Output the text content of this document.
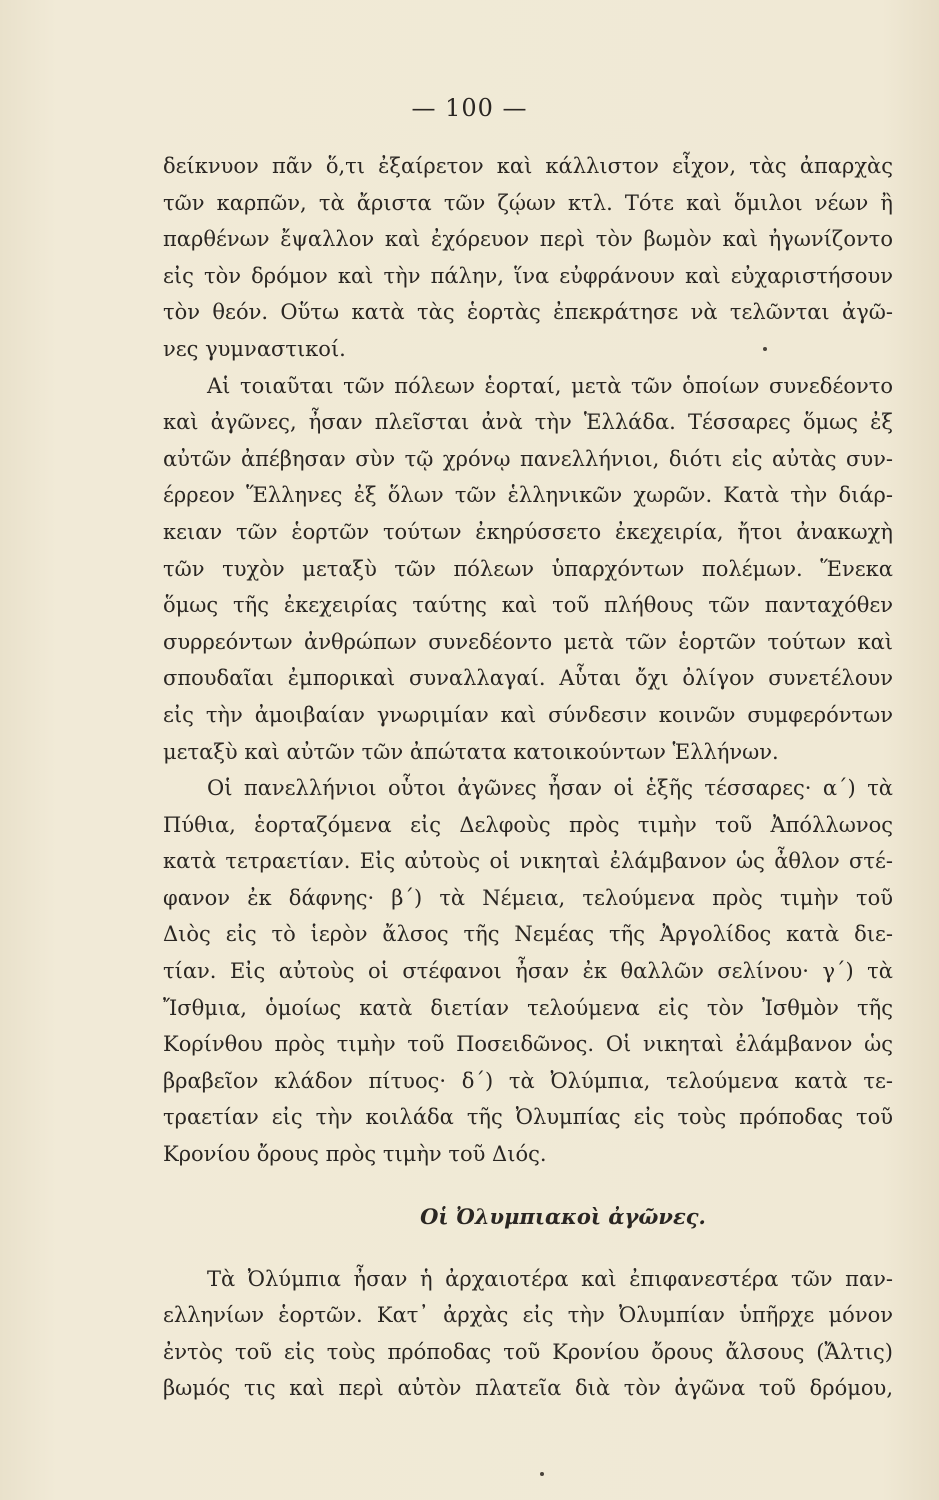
— 100 —
δείκνυον πᾶν ὅ,τι ἐξαίρετον καὶ κάλλιστον εἶχον, τὰς ἀπαρχὰς
τῶν καρπῶν, τὰ ἄριστα τῶν ζῴων κτλ. Τότε καὶ ὅμιλοι νέων ἢ
παρθένων ἔψαλλον καὶ ἐχόρευον περὶ τὸν βωμὸν καὶ ἠγωνίζοντο
εἰς τὸν δρόμον καὶ τὴν πάλην, ἵνα εὐφράνουν καὶ εὐχαριστήσουν
τὸν θεόν. Οὕτω κατὰ τὰς ἑορτὰς ἐπεκράτησε νὰ τελῶνται ἀγῶ-
νες γυμναστικοί.
Αἱ τοιαῦται τῶν πόλεων ἑορταί, μετὰ τῶν ὁποίων συνεδέοντο
καὶ ἀγῶνες, ἦσαν πλεῖσται ἀνὰ τὴν Ἑλλάδα. Τέσσαρες ὅμως ἐξ
αὐτῶν ἀπέβησαν σὺν τῷ χρόνῳ πανελλήνιοι, διότι εἰς αὐτὰς συν-
έρρεον Ἕλληνες ἐξ ὅλων τῶν ἑλληνικῶν χωρῶν. Κατὰ τὴν διάρ-
κειαν τῶν ἑορτῶν τούτων ἐκηρύσσετο ἐκεχειρία, ἤτοι ἀνακωχὴ
τῶν τυχὸν μεταξὺ τῶν πόλεων ὑπαρχόντων πολέμων. Ἕνεκα
ὅμως τῆς ἐκεχειρίας ταύτης καὶ τοῦ πλήθους τῶν πανταχόθεν
συρρεόντων ἀνθρώπων συνεδέοντο μετὰ τῶν ἑορτῶν τούτων καὶ
σπουδαῖαι ἐμπορικαὶ συναλλαγαί. Αὗται ὄχι ὀλίγον συνετέλουν
εἰς τὴν ἀμοιβαίαν γνωριμίαν καὶ σύνδεσιν κοινῶν συμφερόντων
μεταξὺ καὶ αὐτῶν τῶν ἀπώτατα κατοικούντων Ἑλλήνων.
Οἱ πανελλήνιοι οὗτοι ἀγῶνες ἦσαν οἱ ἑξῆς τέσσαρες· α΄) τὰ
Πύθια, ἑορταζόμενα εἰς Δελφοὺς πρὸς τιμὴν τοῦ Ἀπόλλωνος
κατὰ τετραετίαν. Εἰς αὐτοὺς οἱ νικηταὶ ἐλάμβανον ὡς ἆθλον στέ-
φανον ἐκ δάφνης· β΄) τὰ Νέμεια, τελούμενα πρὸς τιμὴν τοῦ
Διὸς εἰς τὸ ἱερὸν ἄλσος τῆς Νεμέας τῆς Ἀργολίδος κατὰ διε-
τίαν. Εἰς αὐτοὺς οἱ στέφανοι ἦσαν ἐκ θαλλῶν σελίνου· γ΄) τὰ
Ἴσθμια, ὁμοίως κατὰ διετίαν τελούμενα εἰς τὸν Ἰσθμὸν τῆς
Κορίνθου πρὸς τιμὴν τοῦ Ποσειδῶνος. Οἱ νικηταὶ ἐλάμβανον ὡς
βραβεῖον κλάδον πίτυος· δ΄) τὰ Ὀλύμπια, τελούμενα κατὰ τε-
τραετίαν εἰς τὴν κοιλάδα τῆς Ὀλυμπίας εἰς τοὺς πρόποδας τοῦ
Κρονίου ὄρους πρὸς τιμὴν τοῦ Διός.
Οἱ Ὀλυμπιακοὶ ἀγῶνες.
Τὰ Ὀλύμπια ἦσαν ἡ ἀρχαιοτέρα καὶ ἐπιφανεστέρα τῶν παν-
ελληνίων ἑορτῶν. Κατ᾽ ἀρχὰς εἰς τὴν Ὀλυμπίαν ὑπῆρχε μόνον
ἐντὸς τοῦ εἰς τοὺς πρόποδας τοῦ Κρονίου ὄρους ἄλσους (Ἄλτις)
βωμός τις καὶ περὶ αὐτὸν πλατεῖα διὰ τὸν ἀγῶνα τοῦ δρόμου,
